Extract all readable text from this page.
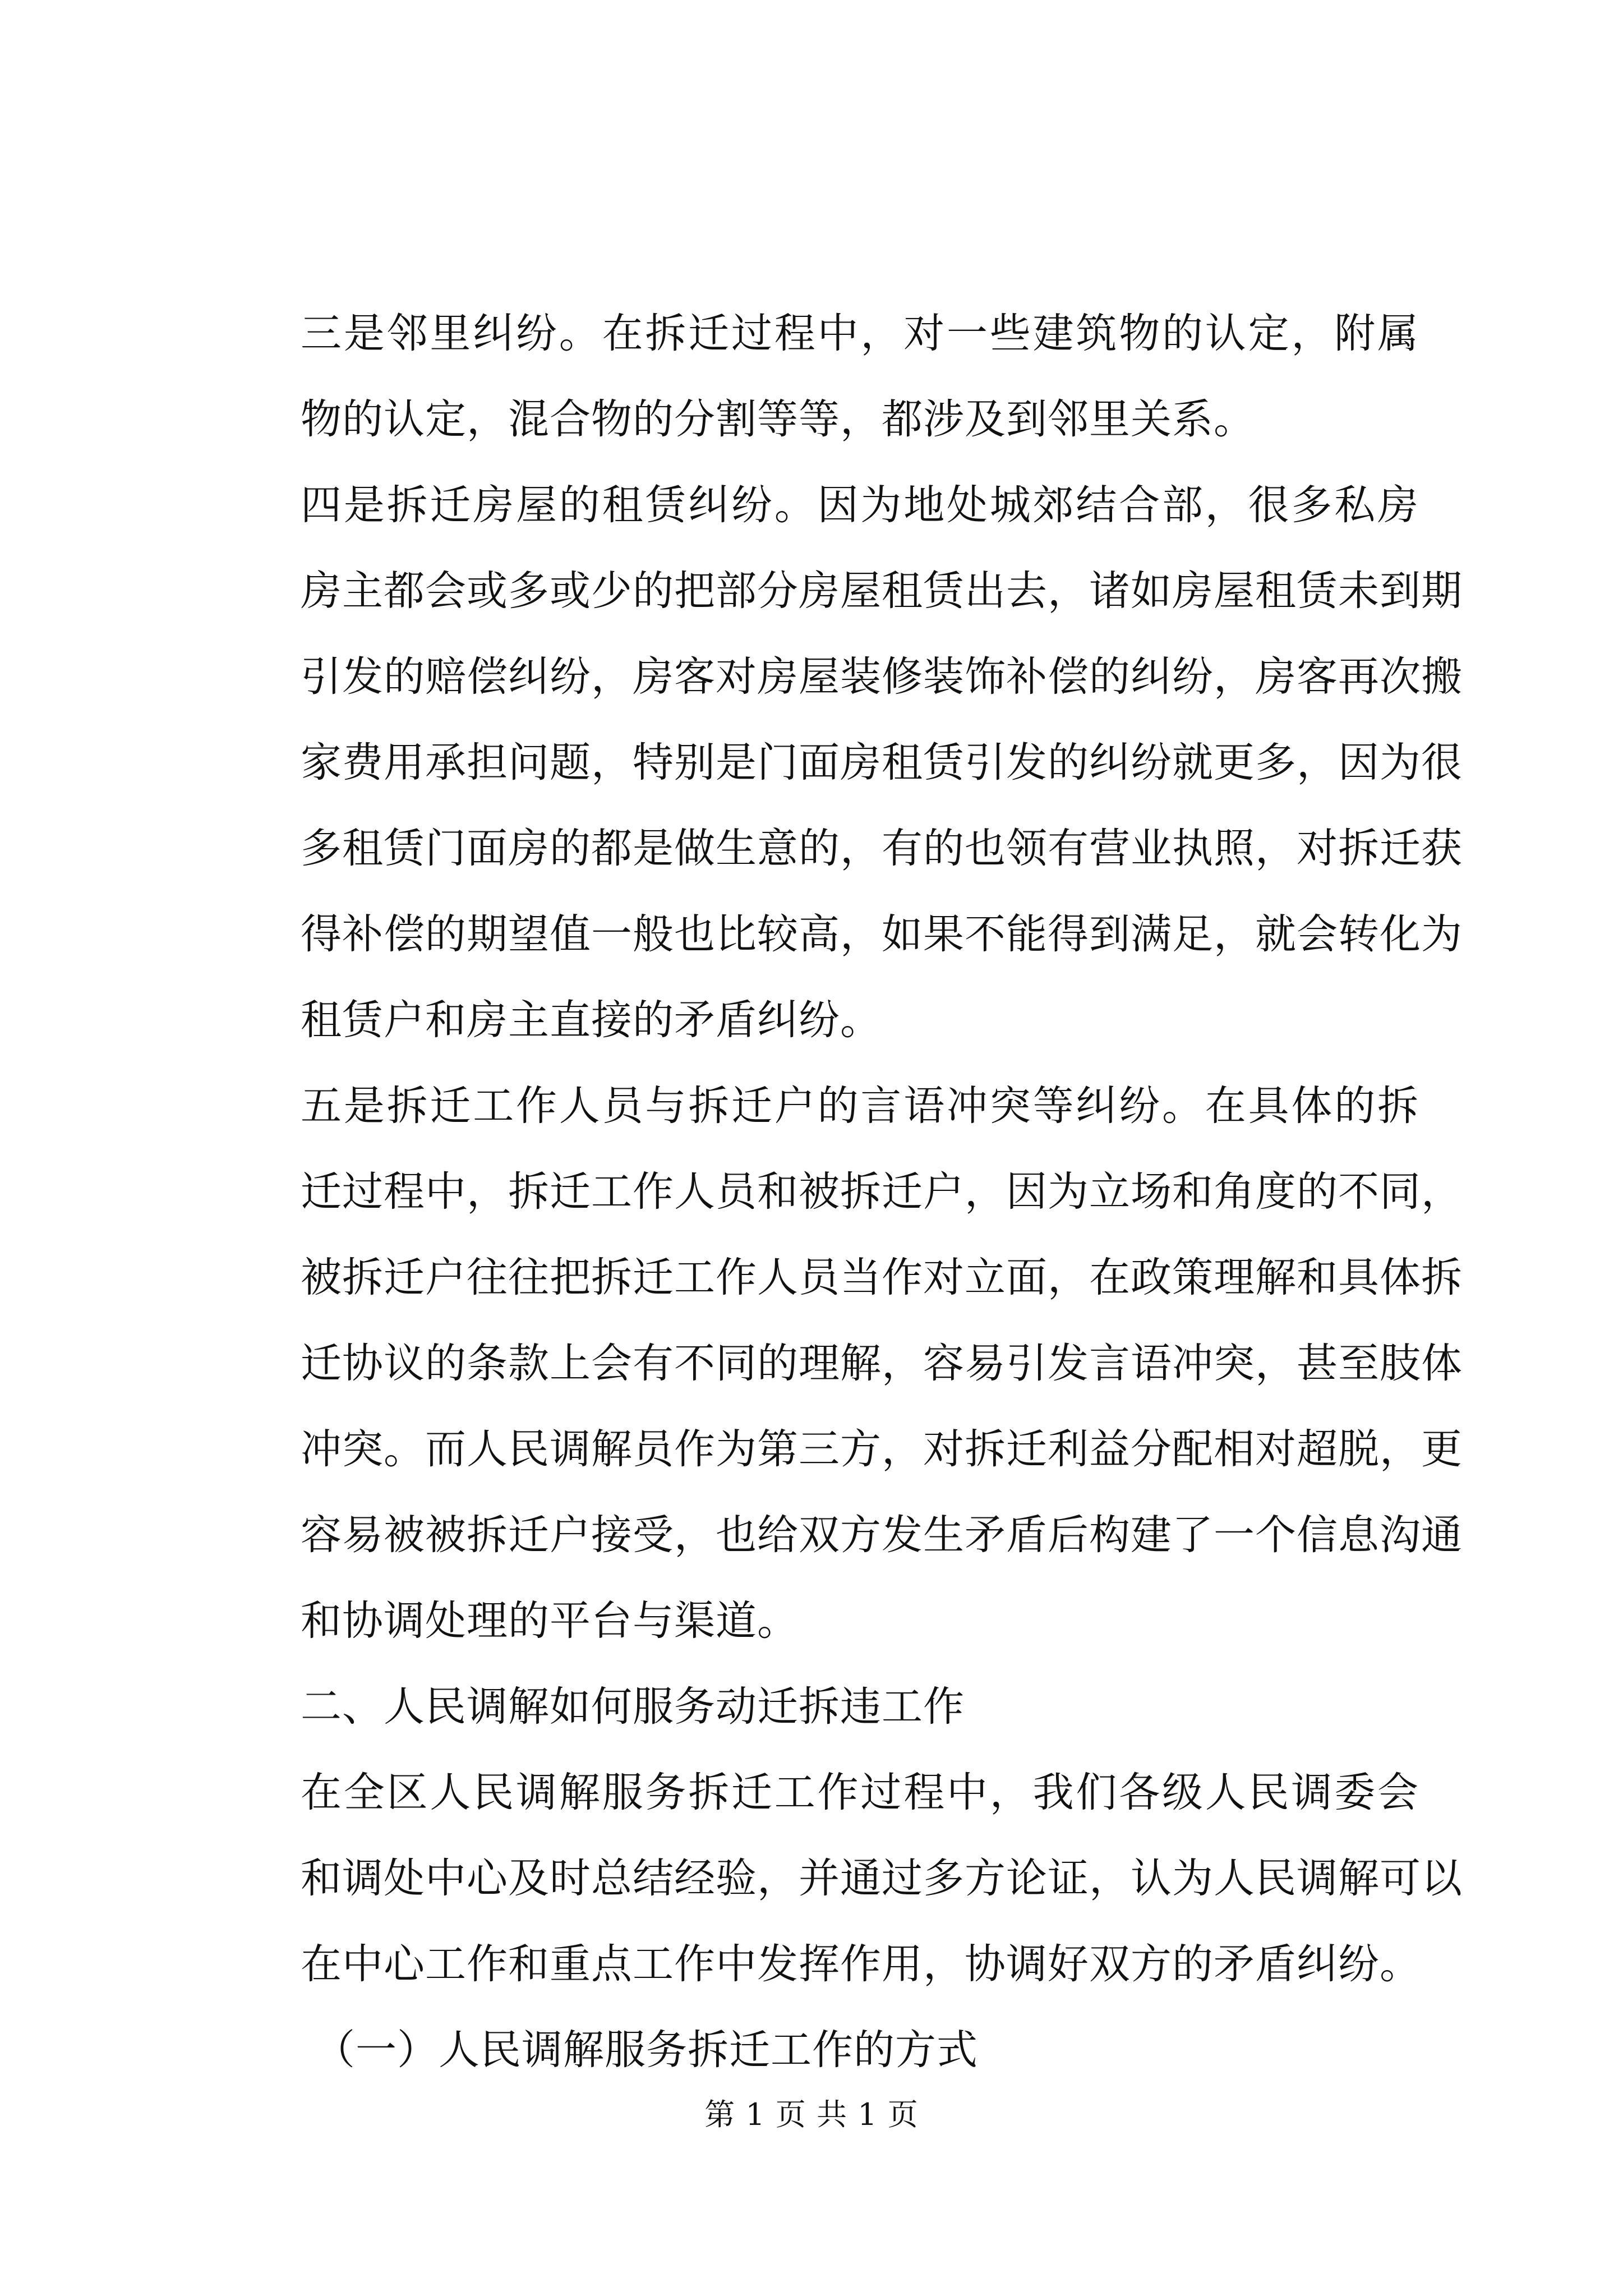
三是邻里纠纷。在拆迁过程中，对一些建筑物的认定，附属
物的认定，混合物的分割等等，都涉及到邻里关系。

四是拆迁房屋的租赁纠纷。因为地处城郊结合部，很多私房
房主都会或多或少的把部分房屋租赁出去，诸如房屋租赁未到期
引发的赔偿纠纷，房客对房屋装修装饰补偿的纠纷，房客再次搬
家费用承担问题，特别是门面房租赁引发的纠纷就更多，因为很
多租赁门面房的都是做生意的，有的也领有营业执照，对拆迁获
得补偿的期望值一般也比较高，如果不能得到满足，就会转化为
租赁户和房主直接的矛盾纠纷。

五是拆迁工作人员与拆迁户的言语冲突等纠纷。在具体的拆
迁过程中，拆迁工作人员和被拆迁户，因为立场和角度的不同，
被拆迁户往往把拆迁工作人员当作对立面，在政策理解和具体拆
迁协议的条款上会有不同的理解，容易引发言语冲突，甚至肢体
冲突。而人民调解员作为第三方，对拆迁利益分配相对超脱，更
容易被被拆迁户接受，也给双方发生矛盾后构建了一个信息沟通
和协调处理的平台与渠道。

二、人民调解如何服务动迁拆违工作

在全区人民调解服务拆迁工作过程中，我们各级人民调委会
和调处中心及时总结经验，并通过多方论证，认为人民调解可以
在中心工作和重点工作中发挥作用，协调好双方的矛盾纠纷。

（一）人民调解服务拆迁工作的方式

第 1 页 共 1 页
